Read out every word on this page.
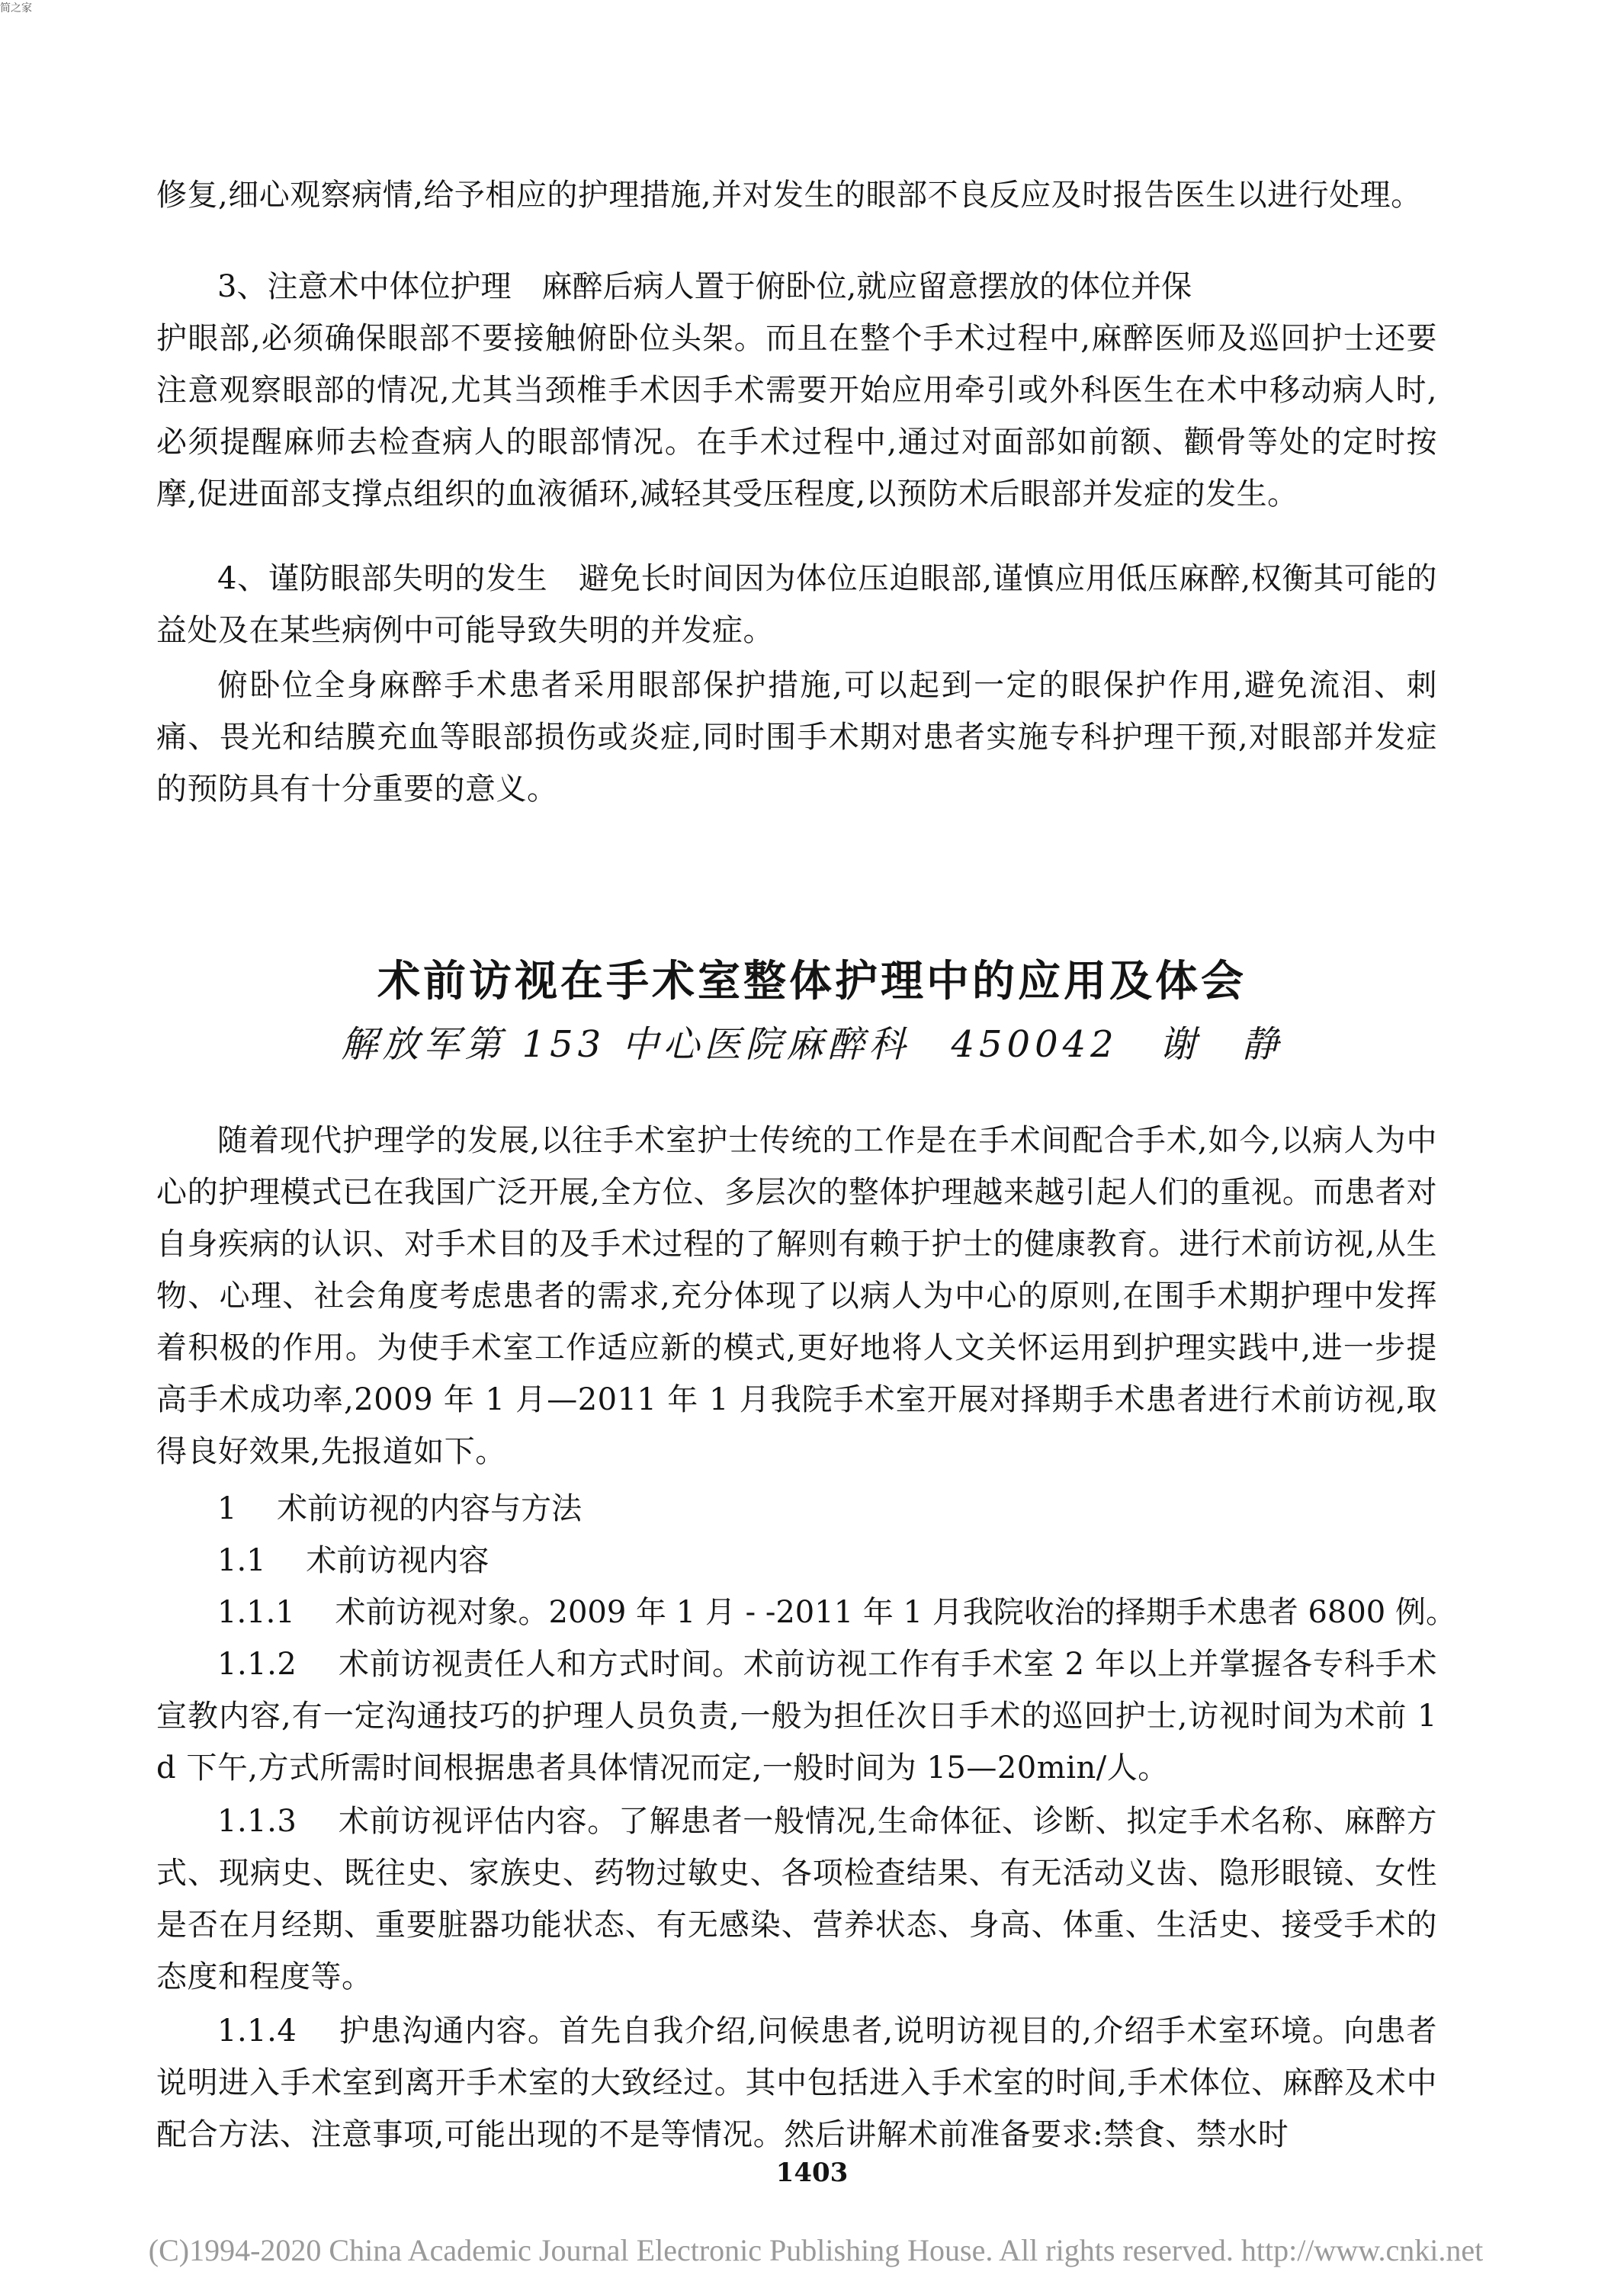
简之家

修复,细心观察病情,给予相应的护理措施,并对发生的眼部不良反应及时报告医生以进行处理。

3、注意术中体位护理　麻醉后病人置于俯卧位,就应留意摆放的体位并保

护眼部,必须确保眼部不要接触俯卧位头架。而且在整个手术过程中,麻醉医师及巡回护士还要注意观察眼部的情况,尤其当颈椎手术因手术需要开始应用牵引或外科医生在术中移动病人时,必须提醒麻师去检查病人的眼部情况。在手术过程中,通过对面部如前额、颧骨等处的定时按摩,促进面部支撑点组织的血液循环,减轻其受压程度,以预防术后眼部并发症的发生。

4、谨防眼部失明的发生　避免长时间因为体位压迫眼部,谨慎应用低压麻醉,权衡其可能的益处及在某些病例中可能导致失明的并发症。

俯卧位全身麻醉手术患者采用眼部保护措施,可以起到一定的眼保护作用,避免流泪、刺痛、畏光和结膜充血等眼部损伤或炎症,同时围手术期对患者实施专科护理干预,对眼部并发症的预防具有十分重要的意义。

术前访视在手术室整体护理中的应用及体会

解放军第 153 中心医院麻醉科　450042　谢　静

随着现代护理学的发展,以往手术室护士传统的工作是在手术间配合手术,如今,以病人为中心的护理模式已在我国广泛开展,全方位、多层次的整体护理越来越引起人们的重视。而患者对自身疾病的认识、对手术目的及手术过程的了解则有赖于护士的健康教育。进行术前访视,从生物、心理、社会角度考虑患者的需求,充分体现了以病人为中心的原则,在围手术期护理中发挥着积极的作用。为使手术室工作适应新的模式,更好地将人文关怀运用到护理实践中,进一步提高手术成功率,2009 年 1 月—2011 年 1 月我院手术室开展对择期手术患者进行术前访视,取得良好效果,先报道如下。

1　 术前访视的内容与方法

1.1　 术前访视内容

1.1.1　 术前访视对象。2009 年 1 月 - -2011 年 1 月我院收治的择期手术患者 6800 例。

1.1.2　 术前访视责任人和方式时间。术前访视工作有手术室 2 年以上并掌握各专科手术宣教内容,有一定沟通技巧的护理人员负责,一般为担任次日手术的巡回护士,访视时间为术前 1 d 下午,方式所需时间根据患者具体情况而定,一般时间为 15—20min/人。

1.1.3　 术前访视评估内容。了解患者一般情况,生命体征、诊断、拟定手术名称、麻醉方式、现病史、既往史、家族史、药物过敏史、各项检查结果、有无活动义齿、隐形眼镜、女性是否在月经期、重要脏器功能状态、有无感染、营养状态、身高、体重、生活史、接受手术的态度和程度等。

1.1.4　 护患沟通内容。首先自我介绍,问候患者,说明访视目的,介绍手术室环境。向患者说明进入手术室到离开手术室的大致经过。其中包括进入手术室的时间,手术体位、麻醉及术中配合方法、注意事项,可能出现的不是等情况。然后讲解术前准备要求:禁食、禁水时

1403

(C)1994-2020 China Academic Journal Electronic Publishing House. All rights reserved. http://www.cnki.net
